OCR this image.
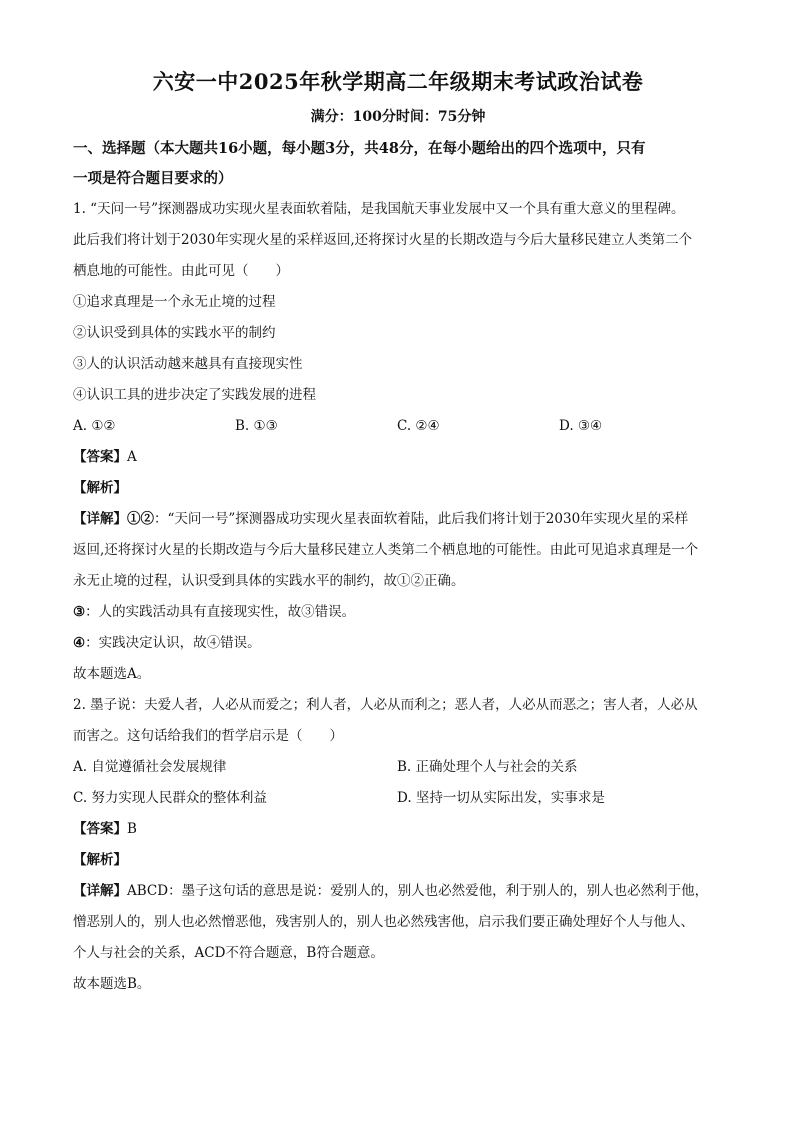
六安一中2025年秋学期高二年级期末考试政治试卷
满分：100分时间：75分钟
一、选择题（本大题共16小题，每小题3分，共48分，在每小题给出的四个选项中，只有
一项是符合题目要求的）
1. “天问一号”探测器成功实现火星表面软着陆，是我国航天事业发展中又一个具有重大意义的里程碑。
此后我们将计划于2030年实现火星的采样返回,还将探讨火星的长期改造与今后大量移民建立人类第二个
栖息地的可能性。由此可见（　　）
①追求真理是一个永无止境的过程
②认识受到具体的实践水平的制约
③人的认识活动越来越具有直接现实性
④认识工具的进步决定了实践发展的进程
A. ①②	B. ①③	C. ②④	D. ③④
【答案】A
【解析】
【详解】①②：“天问一号”探测器成功实现火星表面软着陆，此后我们将计划于2030年实现火星的采样
返回,还将探讨火星的长期改造与今后大量移民建立人类第二个栖息地的可能性。由此可见追求真理是一个
永无止境的过程，认识受到具体的实践水平的制约，故①②正确。
③：人的实践活动具有直接现实性，故③错误。
④：实践决定认识，故④错误。
故本题选A。
2. 墨子说：夫爱人者，人必从而爱之；利人者，人必从而利之；恶人者，人必从而恶之；害人者，人必从
而害之。这句话给我们的哲学启示是（　　）
A. 自觉遵循社会发展规律	B. 正确处理个人与社会的关系
C. 努力实现人民群众的整体利益	D. 坚持一切从实际出发，实事求是
【答案】B
【解析】
【详解】ABCD：墨子这句话的意思是说：爱别人的，别人也必然爱他，利于别人的，别人也必然利于他，
憎恶别人的，别人也必然憎恶他，残害别人的，别人也必然残害他，启示我们要正确处理好个人与他人、
个人与社会的关系，ACD不符合题意，B符合题意。
故本题选B。
